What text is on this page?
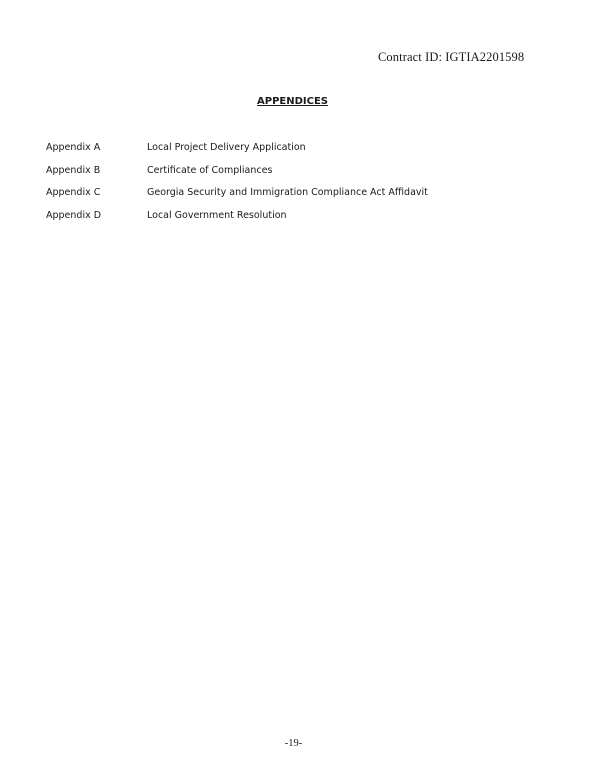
Contract ID: IGTIA2201598
APPENDICES
Appendix A	Local Project Delivery Application
Appendix B	Certificate of Compliances
Appendix C	Georgia Security and Immigration Compliance Act Affidavit
Appendix D	Local Government Resolution
-19-
